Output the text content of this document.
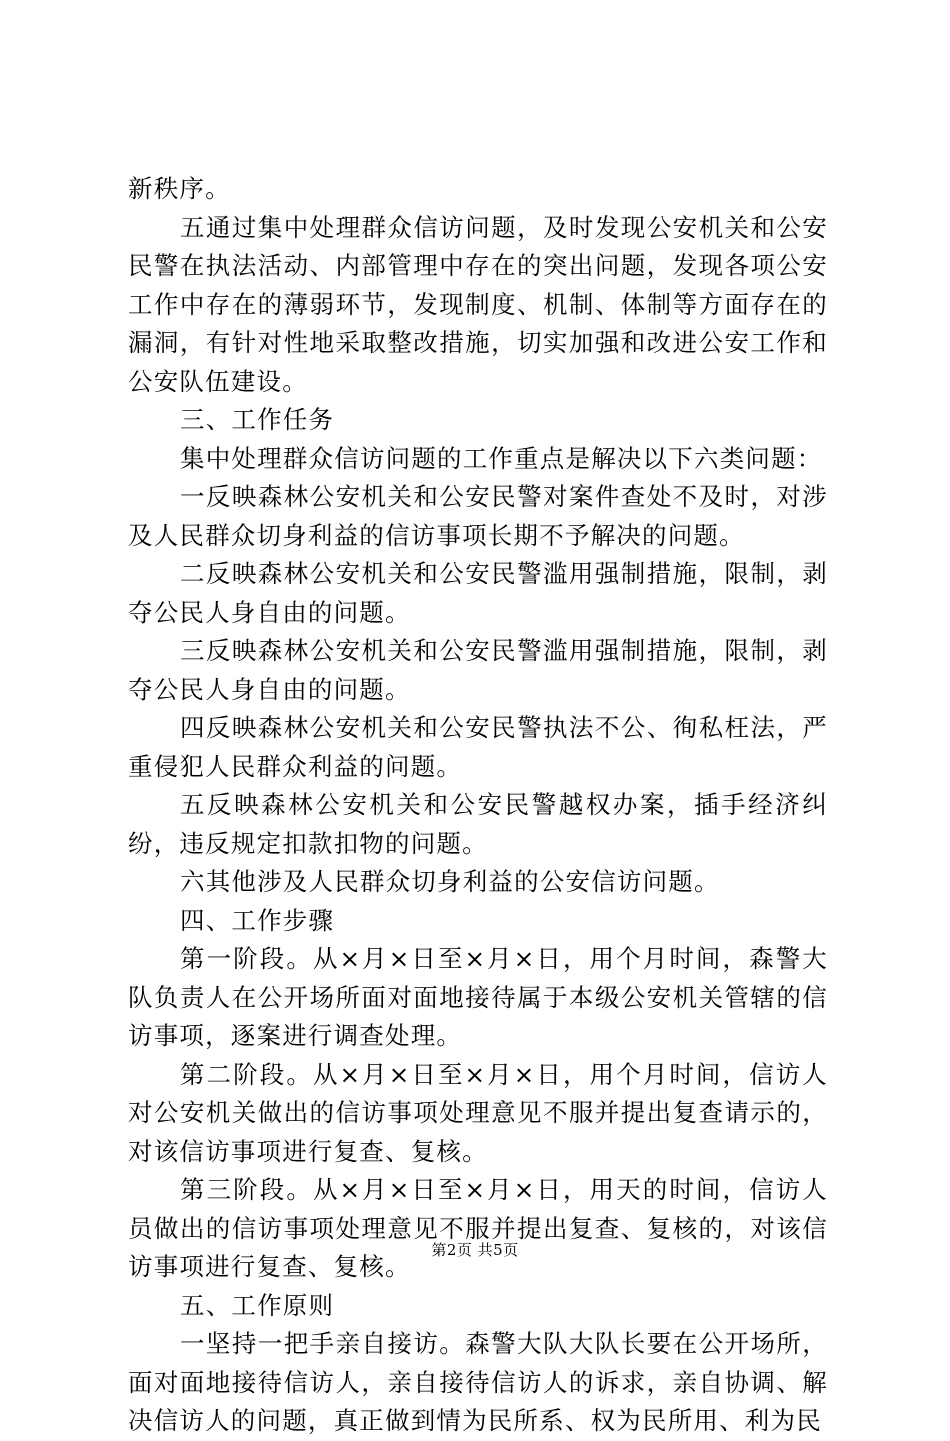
新秩序。

五通过集中处理群众信访问题，及时发现公安机关和公安民警在执法活动、内部管理中存在的突出问题，发现各项公安工作中存在的薄弱环节，发现制度、机制、体制等方面存在的漏洞，有针对性地采取整改措施，切实加强和改进公安工作和公安队伍建设。

三、工作任务

集中处理群众信访问题的工作重点是解决以下六类问题：

一反映森林公安机关和公安民警对案件查处不及时，对涉及人民群众切身利益的信访事项长期不予解决的问题。

二反映森林公安机关和公安民警滥用强制措施，限制，剥夺公民人身自由的问题。

三反映森林公安机关和公安民警滥用强制措施，限制，剥夺公民人身自由的问题。

四反映森林公安机关和公安民警执法不公、徇私枉法，严重侵犯人民群众利益的问题。

五反映森林公安机关和公安民警越权办案，插手经济纠纷，违反规定扣款扣物的问题。

六其他涉及人民群众切身利益的公安信访问题。

四、工作步骤

第一阶段。从×月×日至×月×日，用个月时间，森警大队负责人在公开场所面对面地接待属于本级公安机关管辖的信访事项，逐案进行调查处理。

第二阶段。从×月×日至×月×日，用个月时间，信访人对公安机关做出的信访事项处理意见不服并提出复查请示的，对该信访事项进行复查、复核。

第三阶段。从×月×日至×月×日，用天的时间，信访人员做出的信访事项处理意见不服并提出复查、复核的，对该信访事项进行复查、复核。

五、工作原则

一坚持一把手亲自接访。森警大队大队长要在公开场所，面对面地接待信访人，亲自接待信访人的诉求，亲自协调、解决信访人的问题，真正做到情为民所系、权为民所用、利为民

第2页 共5页
